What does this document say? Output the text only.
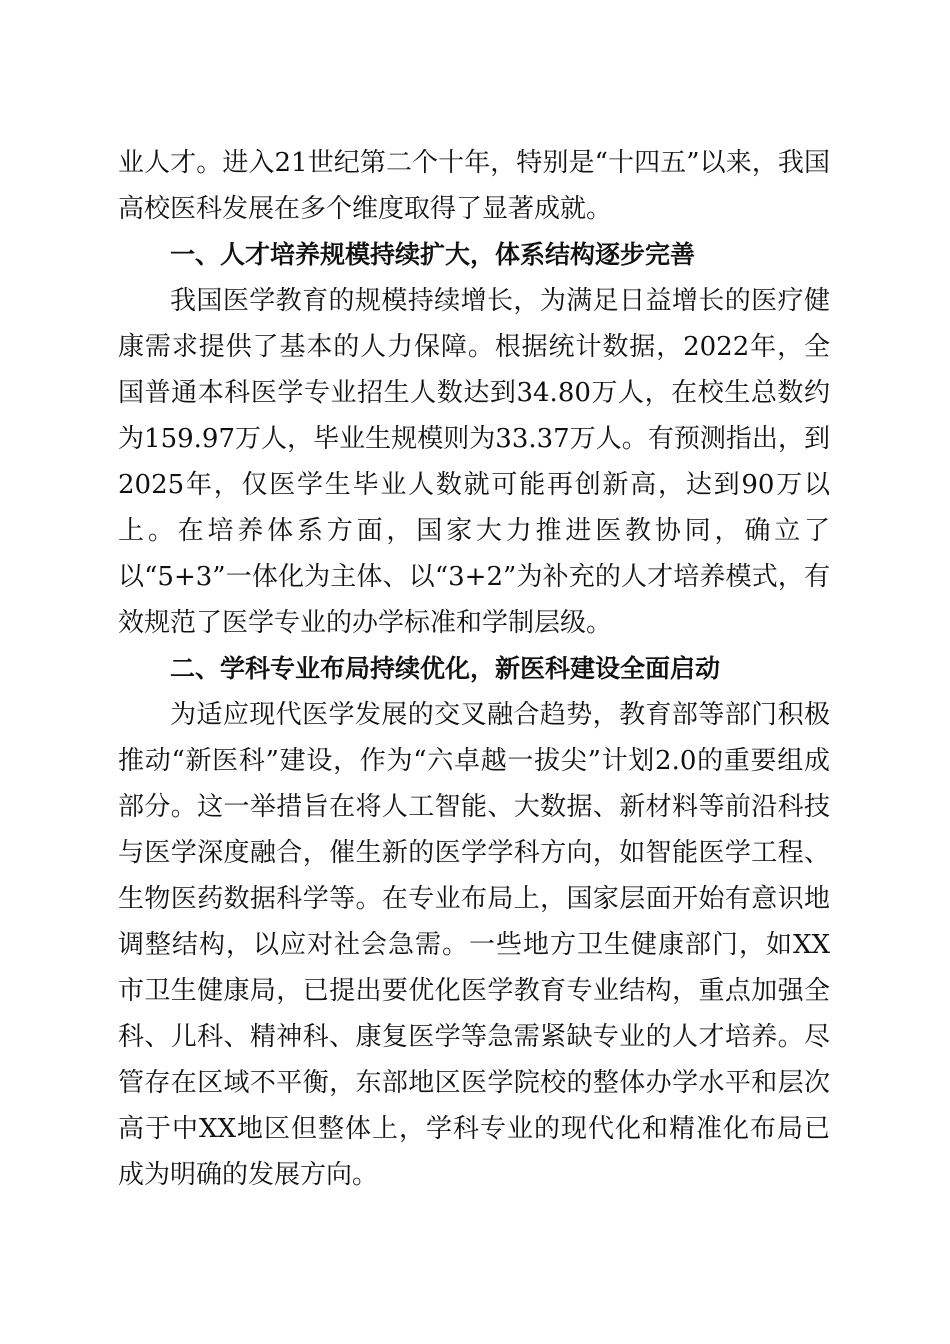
业人才。进入21世纪第二个十年，特别是“十四五”以来，我国高校医科发展在多个维度取得了显著成就。

一、人才培养规模持续扩大，体系结构逐步完善

我国医学教育的规模持续增长，为满足日益增长的医疗健康需求提供了基本的人力保障。根据统计数据，2022年，全国普通本科医学专业招生人数达到34.80万人，在校生总数约为159.97万人，毕业生规模则为33.37万人。有预测指出，到2025年，仅医学生毕业人数就可能再创新高，达到90万以上。在培养体系方面，国家大力推进医教协同，确立了以“5+3”一体化为主体、以“3+2”为补充的人才培养模式，有效规范了医学专业的办学标准和学制层级。

二、学科专业布局持续优化，新医科建设全面启动

为适应现代医学发展的交叉融合趋势，教育部等部门积极推动“新医科”建设，作为“六卓越一拔尖”计划2.0的重要组成部分。这一举措旨在将人工智能、大数据、新材料等前沿科技与医学深度融合，催生新的医学学科方向，如智能医学工程、生物医药数据科学等。在专业布局上，国家层面开始有意识地调整结构，以应对社会急需。一些地方卫生健康部门，如XX市卫生健康局，已提出要优化医学教育专业结构，重点加强全科、儿科、精神科、康复医学等急需紧缺专业的人才培养。尽管存在区域不平衡，东部地区医学院校的整体办学水平和层次高于中XX地区但整体上，学科专业的现代化和精准化布局已成为明确的发展方向。
